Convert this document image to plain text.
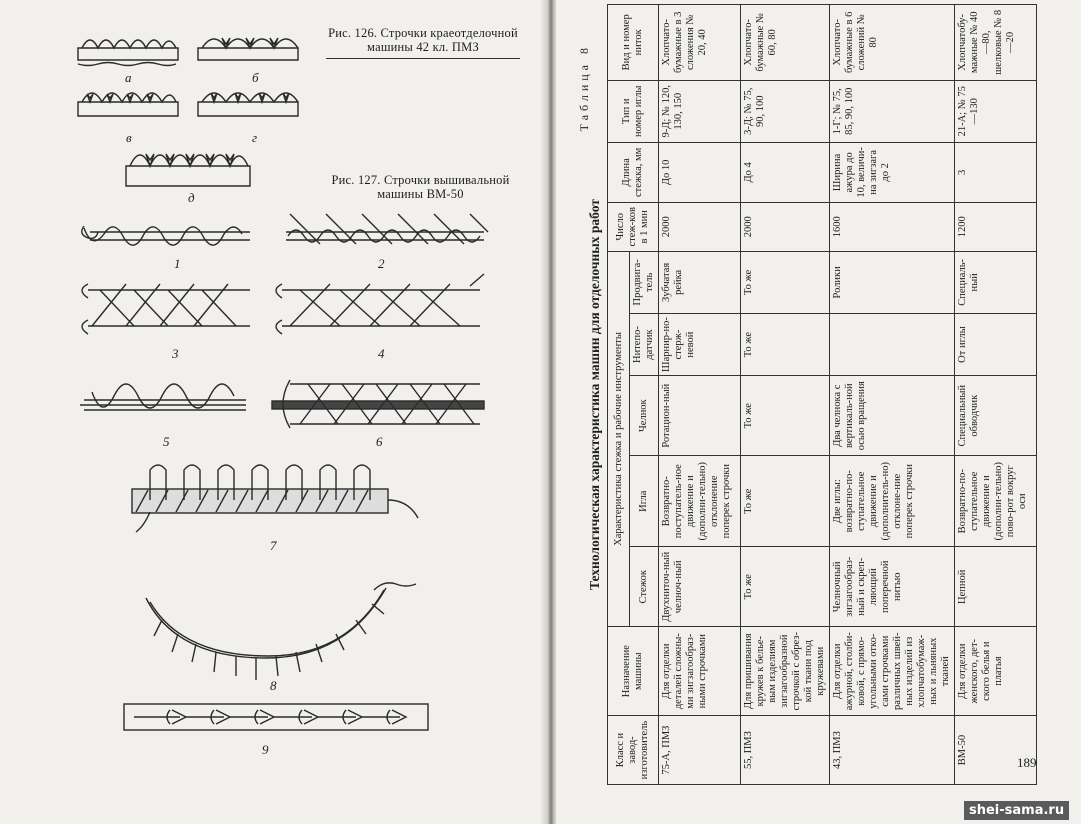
Рис. 126. Строчки краеотделочной машины 42 кл. ПМЗ
Рис. 127. Строчки вышивальной машины ВМ-50
а	б
в	г
д
1	2
3	4
5	6
7
8
9
Таблица 8
Технологическая характеристика машин для отделочных работ
Класс и завод-изготовитель	Назначение машины	Характеристика стежка и рабочие инструменты					Число стеж-ков в 1 мин	Длина стежка, мм	Тип и номер иглы	Вид и номер ниток
		Стежок	Игла	Челнок	Нитепо-датчик	Продвига-тель				
75-А, ПМЗ	Для отделки деталей сложны-ми зигзагообраз-ными строчками	Двухниточ-ный челноч-ный	Возвратно-поступатель-ное движение и (дополни-тельно) отклонение поперек строчки	Ротацион-ный	Шарнир-но-стерж-невой	Зубчатая рейка	2000	До 10	9-Д; № 120, 130, 150	Хлопчато-бумажные в 3 сложения № 20, 40
55, ПМЗ	Для пришивания кружев к бельe-вым изделиям зигзагообразной строчкой с обрез-кой ткани под кружевами	То же	То же	То же	То же	То же	2000	До 4	3-Д; № 75, 90, 100	Хлопчато-бумажные № 60, 80
43, ПМЗ	Для отделки ажурной, столби-ковой, с прямо-угольными отко-сами строчками различных швей-ных изделий из хлопчатобумаж-ных и льняных тканей	Челночный зигзагообраз-ный и скреп-ляющий поперечной нитью	Две иглы: возвратно-по-ступательное движение и (дополнитель-но) отклоне-ние поперек строчки	Два челнока с вертикаль-ной осью вращения		Ролики	1600	Ширина ажура до 10, величи-на зигзага до 2	1-Г; № 75, 85, 90, 100	Хлопчато-бумажные в 6 сложений № 80
ВМ-50	Для отделки женского, дет-ского белья и платья	Цепной	Возвратно-по-ступательное движение и (дополни-тельно) пово-рот вокруг оси	Специальный обводчик	От иглы	Специаль-ный	1200	3	21-А; № 75—130	Хлопчатобу-мажные № 40—80, шелковые № 8—20
189
shei-sama.ru
